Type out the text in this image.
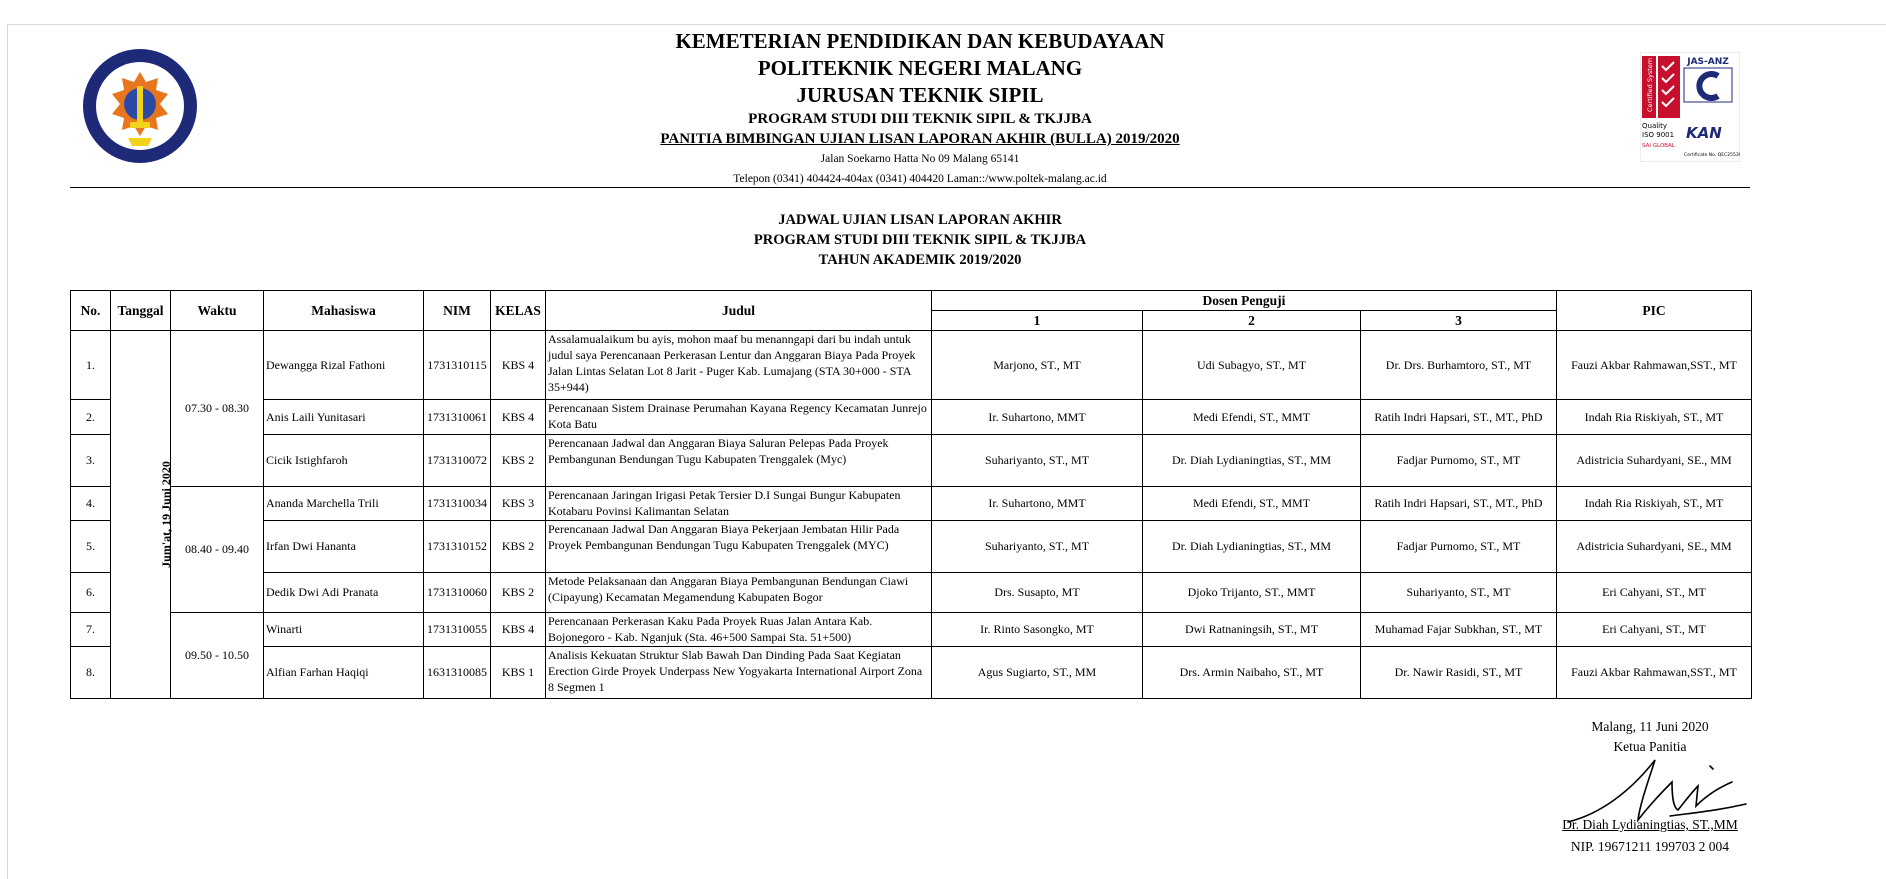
POLITEKNIK NEGERI MALANG	Certified System	JAS-ANZ
Quality
ISO 9001 KAN
SAI GLOBAL
Certificate No. QEC25539
KEMETERIAN PENDIDIKAN DAN KEBUDAYAAN
POLITEKNIK NEGERI MALANG
JURUSAN TEKNIK SIPIL
PROGRAM STUDI DIII TEKNIK SIPIL & TKJJBA
PANITIA BIMBINGAN UJIAN LISAN LAPORAN AKHIR (BULLA) 2019/2020
Jalan Soekarno Hatta No 09 Malang 65141
Telepon (0341) 404424-404ax (0341) 404420 Laman::/www.poltek-malang.ac.id
JADWAL UJIAN LISAN LAPORAN AKHIR
PROGRAM STUDI DIII TEKNIK SIPIL & TKJJBA
TAHUN AKADEMIK 2019/2020
No.	Tanggal	Waktu	Mahasiswa	NIM	KELAS	Judul	Dosen Penguji			PIC
							1	2	3	
1.	Jum'at, 19 Juni 2020	07.30 - 08.30	Dewangga Rizal Fathoni	1731310115	KBS 4	Assalamualaikum bu ayis, mohon maaf bu menanngapi dari bu indah untuk judul saya Perencanaan Perkerasan Lentur dan Anggaran Biaya Pada Proyek Jalan Lintas Selatan Lot 8 Jarit - Puger Kab. Lumajang (STA 30+000 - STA 35+944)	Marjono, ST., MT	Udi Subagyo, ST., MT	Dr. Drs. Burhamtoro, ST., MT	Fauzi Akbar Rahmawan,SST., MT
2.			Anis Laili Yunitasari	1731310061	KBS 4	Perencanaan Sistem Drainase Perumahan Kayana Regency Kecamatan Junrejo Kota Batu	Ir. Suhartono, MMT	Medi Efendi, ST., MMT	Ratih Indri Hapsari, ST., MT., PhD	Indah Ria Riskiyah, ST., MT
3.			Cicik Istighfaroh	1731310072	KBS 2	Perencanaan Jadwal dan Anggaran Biaya Saluran Pelepas Pada Proyek Pembangunan Bendungan Tugu Kabupaten Trenggalek (Myc)	Suhariyanto, ST., MT	Dr. Diah Lydianingtias, ST., MM	Fadjar Purnomo, ST., MT	Adistricia Suhardyani, SE., MM
4.		08.40 - 09.40	Ananda Marchella Trili	1731310034	KBS 3	Perencanaan Jaringan Irigasi Petak Tersier D.I Sungai Bungur Kabupaten Kotabaru Povinsi Kalimantan Selatan	Ir. Suhartono, MMT	Medi Efendi, ST., MMT	Ratih Indri Hapsari, ST., MT., PhD	Indah Ria Riskiyah, ST., MT
5.			Irfan Dwi Hananta	1731310152	KBS 2	Perencanaan Jadwal Dan Anggaran Biaya Pekerjaan Jembatan Hilir Pada Proyek Pembangunan Bendungan Tugu Kabupaten Trenggalek (MYC)	Suhariyanto, ST., MT	Dr. Diah Lydianingtias, ST., MM	Fadjar Purnomo, ST., MT	Adistricia Suhardyani, SE., MM
6.			Dedik Dwi Adi Pranata	1731310060	KBS 2	Metode Pelaksanaan dan Anggaran Biaya Pembangunan Bendungan Ciawi (Cipayung) Kecamatan Megamendung Kabupaten Bogor	Drs. Susapto, MT	Djoko Trijanto, ST., MMT	Suhariyanto, ST., MT	Eri Cahyani, ST., MT
7.		09.50 - 10.50	Winarti	1731310055	KBS 4	Perencanaan Perkerasan Kaku Pada Proyek Ruas Jalan Antara Kab. Bojonegoro - Kab. Nganjuk (Sta. 46+500 Sampai Sta. 51+500)	Ir. Rinto Sasongko, MT	Dwi Ratnaningsih, ST., MT	Muhamad Fajar Subkhan, ST., MT	Eri Cahyani, ST., MT
8.			Alfian Farhan Haqiqi	1631310085	KBS 1	Analisis Kekuatan Struktur Slab Bawah Dan Dinding Pada Saat Kegiatan Erection Girde Proyek Underpass New Yogyakarta International Airport Zona 8 Segmen 1	Agus Sugiarto, ST., MM	Drs. Armin Naibaho, ST., MT	Dr. Nawir Rasidi, ST., MT	Fauzi Akbar Rahmawan,SST., MT
Malang, 11 Juni 2020
Ketua Panitia
Dr. Diah Lydianingtias, ST.,MM
NIP. 19671211 199703 2 004
